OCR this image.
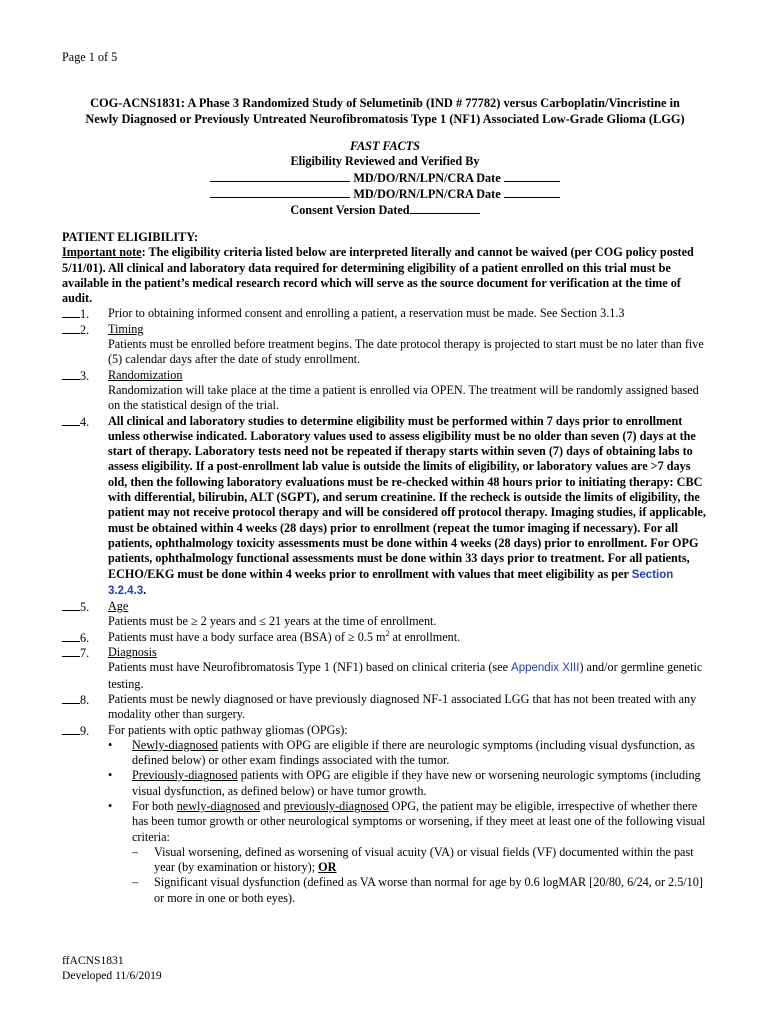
Page 1 of 5
COG-ACNS1831: A Phase 3 Randomized Study of Selumetinib (IND # 77782) versus Carboplatin/Vincristine in
Newly Diagnosed or Previously Untreated Neurofibromatosis Type 1 (NF1) Associated Low-Grade Glioma (LGG)
FAST FACTS
Eligibility Reviewed and Verified By
MD/DO/RN/LPN/CRA Date
MD/DO/RN/LPN/CRA Date
Consent Version Dated
PATIENT ELIGIBILITY:
Important note: The eligibility criteria listed below are interpreted literally and cannot be waived (per COG policy posted 5/11/01). All clinical and laboratory data required for determining eligibility of a patient enrolled on this trial must be available in the patient’s medical research record which will serve as the source document for verification at the time of audit.
1.	Prior to obtaining informed consent and enrolling a patient, a reservation must be made. See Section 3.1.3
2.	Timing
Patients must be enrolled before treatment begins. The date protocol therapy is projected to start must be no later than five (5) calendar days after the date of study enrollment.
3.	Randomization
Randomization will take place at the time a patient is enrolled via OPEN. The treatment will be randomly assigned based on the statistical design of the trial.
4.	All clinical and laboratory studies to determine eligibility must be performed within 7 days prior to enrollment unless otherwise indicated. Laboratory values used to assess eligibility must be no older than seven (7) days at the start of therapy. Laboratory tests need not be repeated if therapy starts within seven (7) days of obtaining labs to assess eligibility. If a post-enrollment lab value is outside the limits of eligibility, or laboratory values are >7 days old, then the following laboratory evaluations must be re-checked within 48 hours prior to initiating therapy: CBC with differential, bilirubin, ALT (SGPT), and serum creatinine. If the recheck is outside the limits of eligibility, the patient may not receive protocol therapy and will be considered off protocol therapy. Imaging studies, if applicable, must be obtained within 4 weeks (28 days) prior to enrollment (repeat the tumor imaging if necessary). For all patients, ophthalmology toxicity assessments must be done within 4 weeks (28 days) prior to enrollment. For OPG patients, ophthalmology functional assessments must be done within 33 days prior to treatment. For all patients, ECHO/EKG must be done within 4 weeks prior to enrollment with values that meet eligibility as per Section 3.2.4.3.
5.	Age
Patients must be ≥ 2 years and ≤ 21 years at the time of enrollment.
6.	Patients must have a body surface area (BSA) of ≥ 0.5 $m^2$ at enrollment.
7.	Diagnosis
Patients must have Neurofibromatosis Type 1 (NF1) based on clinical criteria (see Appendix XIII) and/or germline genetic testing.
8.	Patients must be newly diagnosed or have previously diagnosed NF-1 associated LGG that has not been treated with any modality other than surgery.
9.	For patients with optic pathway gliomas (OPGs):
• Newly-diagnosed patients with OPG are eligible if there are neurologic symptoms (including visual dysfunction, as defined below) or other exam findings associated with the tumor.
• Previously-diagnosed patients with OPG are eligible if they have new or worsening neurologic symptoms (including visual dysfunction, as defined below) or have tumor growth.
• For both newly-diagnosed and previously-diagnosed OPG, the patient may be eligible, irrespective of whether there has been tumor growth or other neurological symptoms or worsening, if they meet at least one of the following visual criteria:
– Visual worsening, defined as worsening of visual acuity (VA) or visual fields (VF) documented within the past year (by examination or history); OR
– Significant visual dysfunction (defined as VA worse than normal for age by 0.6 logMAR [20/80, 6/24, or 2.5/10] or more in one or both eyes).
ffACNS1831
Developed 11/6/2019
